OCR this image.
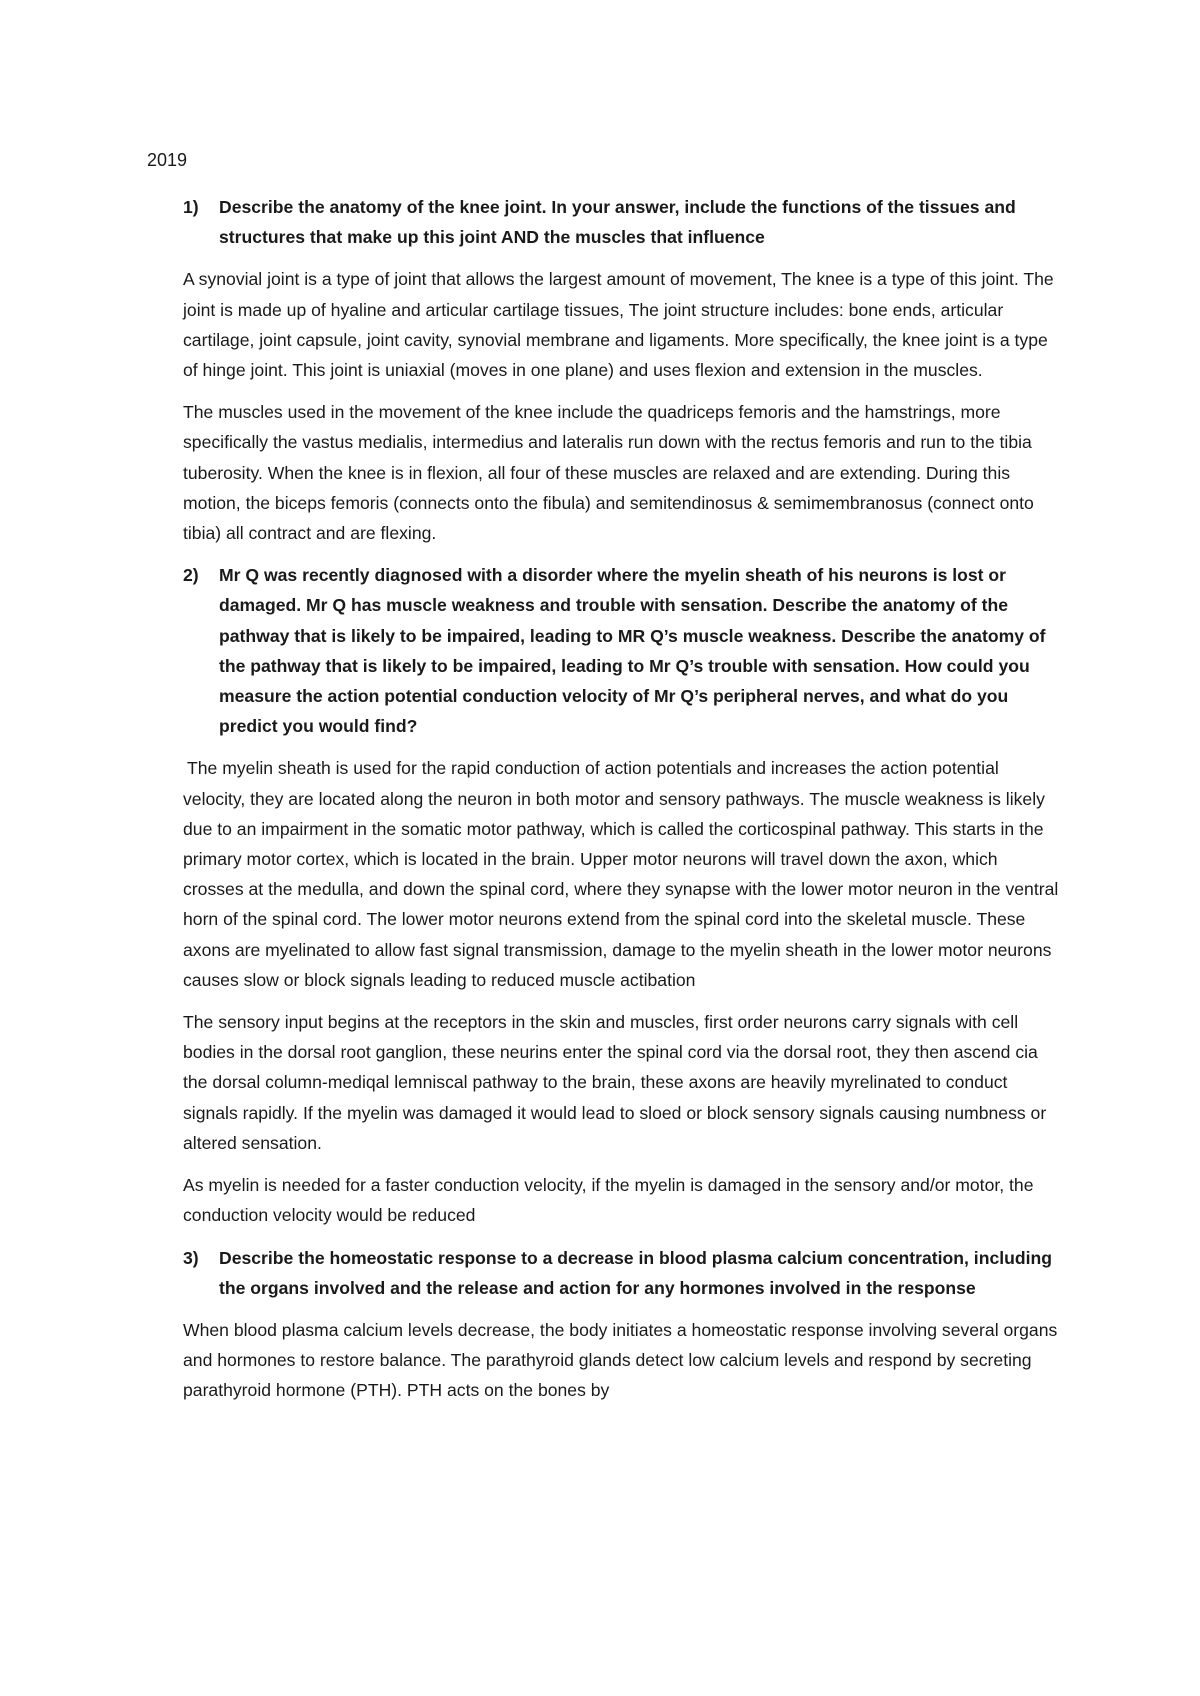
2019
1) Describe the anatomy of the knee joint. In your answer, include the functions of the tissues and structures that make up this joint AND the muscles that influence

A synovial joint is a type of joint that allows the largest amount of movement, The knee is a type of this joint. The joint is made up of hyaline and articular cartilage tissues, The joint structure includes: bone ends, articular cartilage, joint capsule, joint cavity, synovial membrane and ligaments. More specifically, the knee joint is a type of hinge joint. This joint is uniaxial (moves in one plane) and uses flexion and extension in the muscles.

The muscles used in the movement of the knee include the quadriceps femoris and the hamstrings, more specifically the vastus medialis, intermedius and lateralis run down with the rectus femoris and run to the tibia tuberosity. When the knee is in flexion, all four of these muscles are relaxed and are extending. During this motion, the biceps femoris (connects onto the fibula) and semitendinosus & semimembranosus (connect onto tibia) all contract and are flexing.

2) Mr Q was recently diagnosed with a disorder where the myelin sheath of his neurons is lost or damaged. Mr Q has muscle weakness and trouble with sensation. Describe the anatomy of the pathway that is likely to be impaired, leading to MR Q’s muscle weakness. Describe the anatomy of the pathway that is likely to be impaired, leading to Mr Q’s trouble with sensation. How could you measure the action potential conduction velocity of Mr Q’s peripheral nerves, and what do you predict you would find?

The myelin sheath is used for the rapid conduction of action potentials and increases the action potential velocity, they are located along the neuron in both motor and sensory pathways. The muscle weakness is likely due to an impairment in the somatic motor pathway, which is called the corticospinal pathway. This starts in the primary motor cortex, which is located in the brain. Upper motor neurons will travel down the axon, which crosses at the medulla, and down the spinal cord, where they synapse with the lower motor neuron in the ventral horn of the spinal cord. The lower motor neurons extend from the spinal cord into the skeletal muscle. These axons are myelinated to allow fast signal transmission, damage to the myelin sheath in the lower motor neurons causes slow or block signals leading to reduced muscle actibation

The sensory input begins at the receptors in the skin and muscles, first order neurons carry signals with cell bodies in the dorsal root ganglion, these neurins enter the spinal cord via the dorsal root, they then ascend cia the dorsal column-mediqal lemniscal pathway to the brain, these axons are heavily myrelinated to conduct signals rapidly. If the myelin was damaged it would lead to sloed or block sensory signals causing numbness or altered sensation.

As myelin is needed for a faster conduction velocity, if the myelin is damaged in the sensory and/or motor, the conduction velocity would be reduced

3) Describe the homeostatic response to a decrease in blood plasma calcium concentration, including the organs involved and the release and action for any hormones involved in the response

When blood plasma calcium levels decrease, the body initiates a homeostatic response involving several organs and hormones to restore balance. The parathyroid glands detect low calcium levels and respond by secreting parathyroid hormone (PTH). PTH acts on the bones by
